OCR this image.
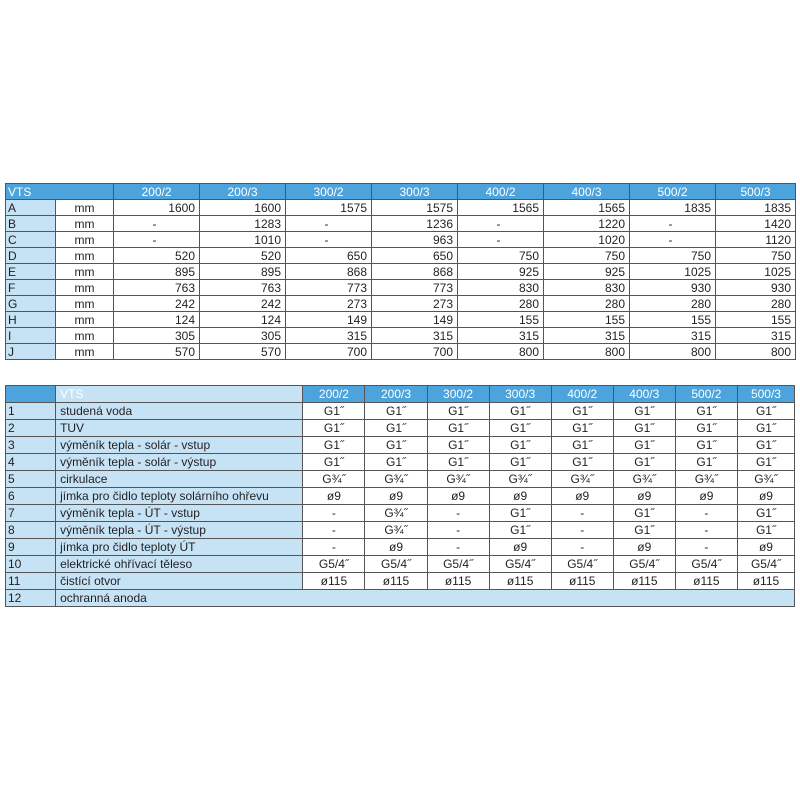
VTS		200/2	200/3	300/2	300/3	400/2	400/3	500/2	500/3
A	mm	1600	1600	1575	1575	1565	1565	1835	1835
B	mm	-	1283	-	1236	-	1220	-	1420
C	mm	-	1010	-	963	-	1020	-	1120
D	mm	520	520	650	650	750	750	750	750
E	mm	895	895	868	868	925	925	1025	1025
F	mm	763	763	773	773	830	830	930	930
G	mm	242	242	273	273	280	280	280	280
H	mm	124	124	149	149	155	155	155	155
I	mm	305	305	315	315	315	315	315	315
J	mm	570	570	700	700	800	800	800	800
	VTS	200/2	200/3	300/2	300/3	400/2	400/3	500/2	500/3
1	studená voda	G1˝	G1˝	G1˝	G1˝	G1˝	G1˝	G1˝	G1˝
2	TUV	G1˝	G1˝	G1˝	G1˝	G1˝	G1˝	G1˝	G1˝
3	výměník tepla - solár - vstup	G1˝	G1˝	G1˝	G1˝	G1˝	G1˝	G1˝	G1˝
4	výměník tepla - solár - výstup	G1˝	G1˝	G1˝	G1˝	G1˝	G1˝	G1˝	G1˝
5	cirkulace	G¾˝	G¾˝	G¾˝	G¾˝	G¾˝	G¾˝	G¾˝	G¾˝
6	jímka pro čidlo teploty solárního ohřevu	ø9	ø9	ø9	ø9	ø9	ø9	ø9	ø9
7	výměník tepla - ÚT - vstup	-	G¾˝	-	G1˝	-	G1˝	-	G1˝
8	výměník tepla - ÚT - výstup	-	G¾˝	-	G1˝	-	G1˝	-	G1˝
9	jímka pro čidlo teploty ÚT	-	ø9	-	ø9	-	ø9	-	ø9
10	elektrické ohřívací těleso	G5/4˝	G5/4˝	G5/4˝	G5/4˝	G5/4˝	G5/4˝	G5/4˝	G5/4˝
11	čistící otvor	ø115	ø115	ø115	ø115	ø115	ø115	ø115	ø115
12	ochranná anoda								
